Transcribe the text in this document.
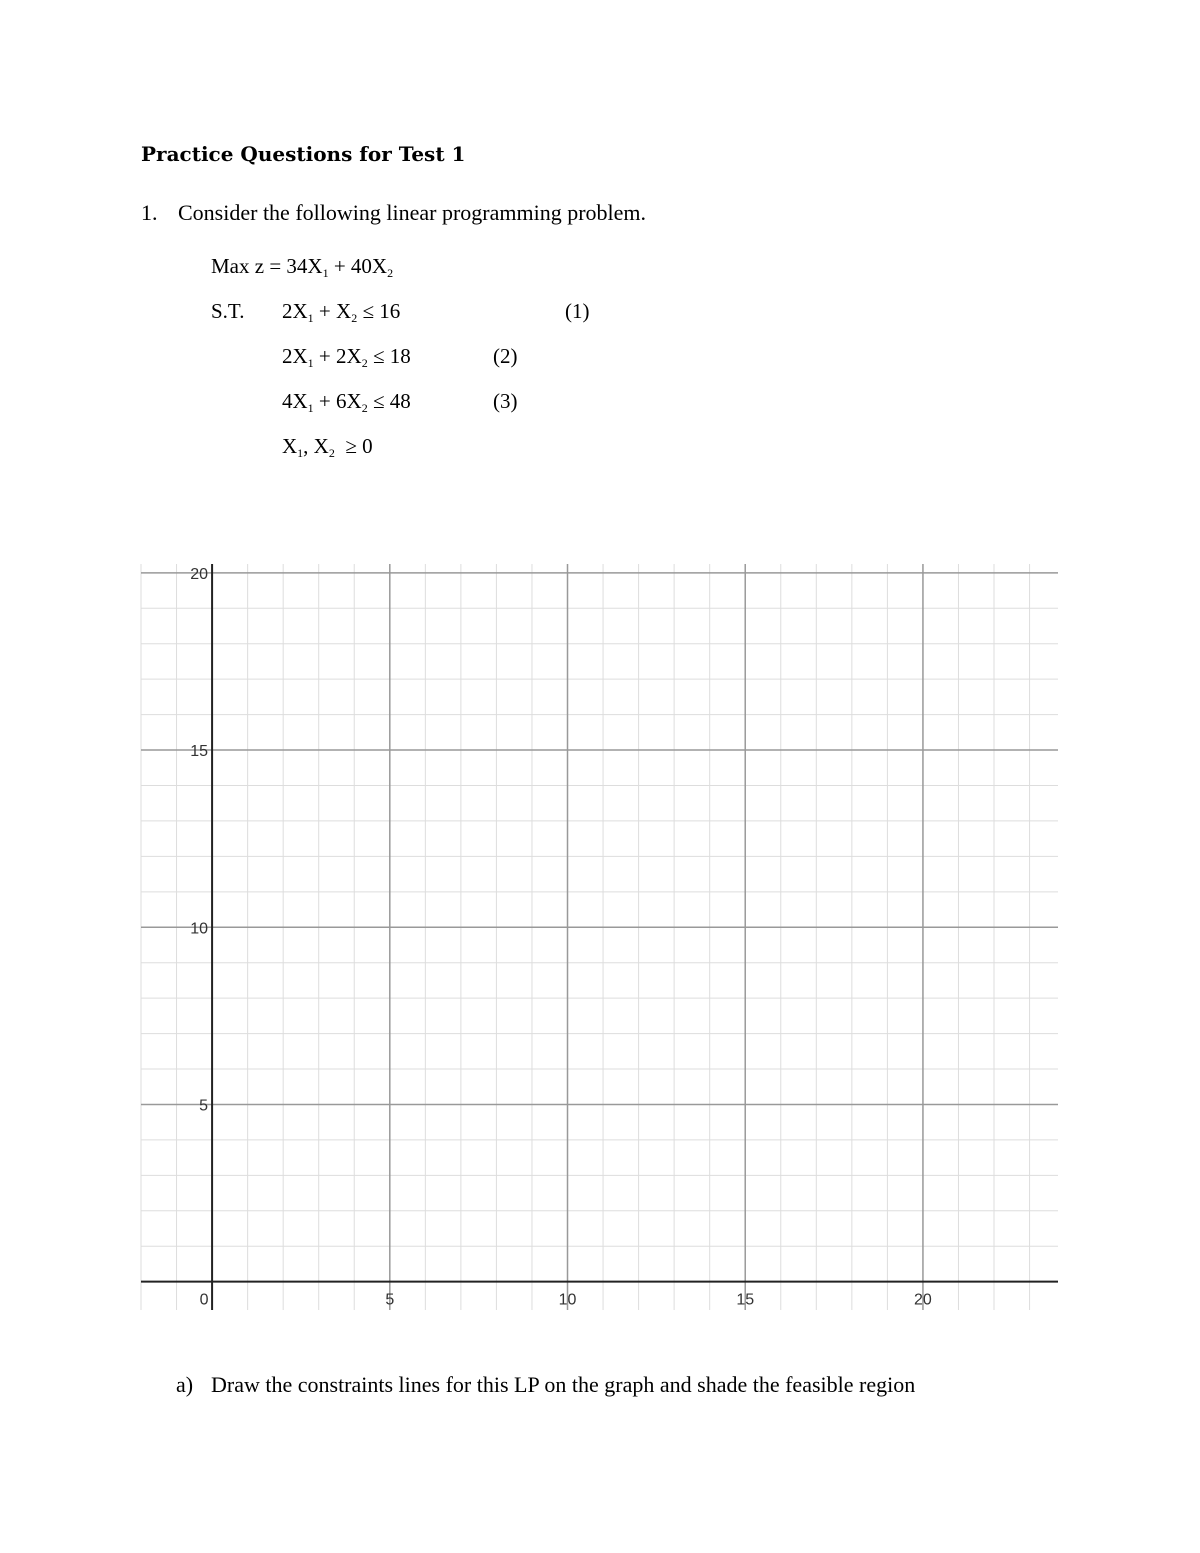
Practice Questions for Test 1
1. Consider the following linear programming problem.
Max $z = 34X_1 + 40X_2$
S.T. $2X_1 + X_2 \le 16$	(1)
$2X_1 + 2X_2 \le 18$	(2)
$4X_1 + 6X_2 \le 48$	(3)
$X_1$, $X_2 \ge 0$
0	5	10	15	20
5
10
15
20
a) Draw the constraints lines for this LP on the graph and shade the feasible region
